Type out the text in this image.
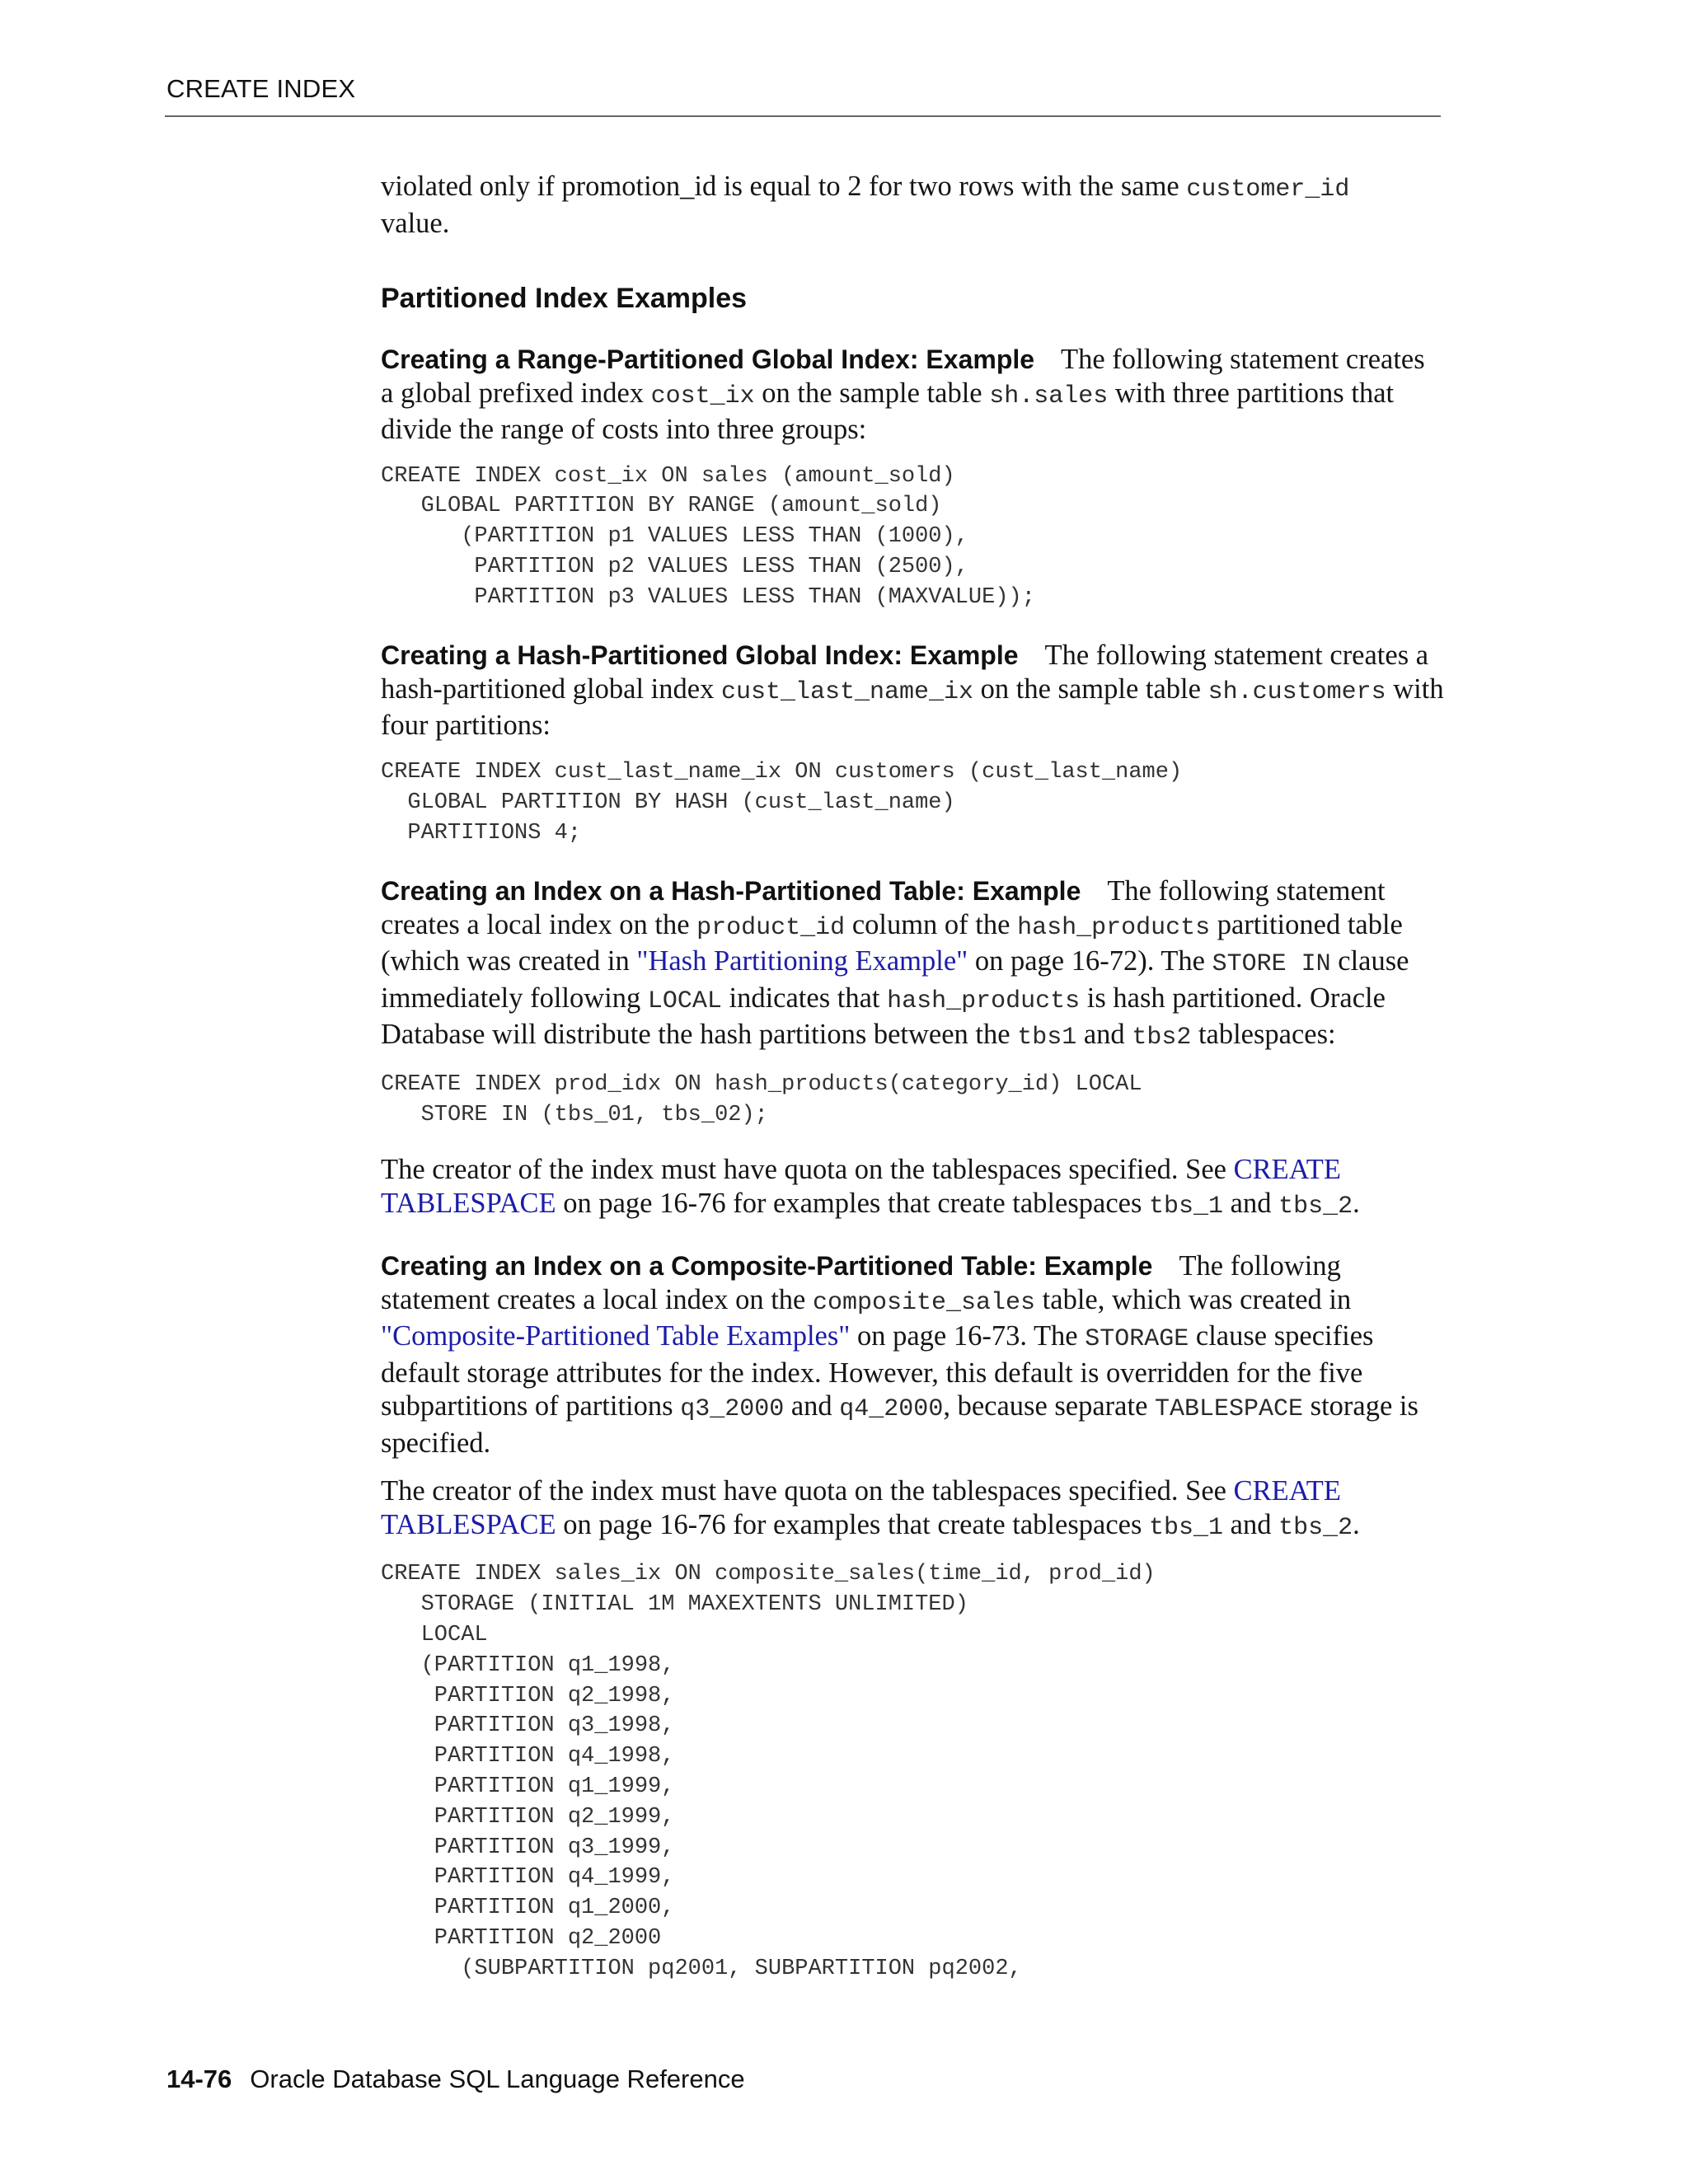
CREATE INDEX

violated only if promotion_id is equal to 2 for two rows with the same customer_id
value.

Partitioned Index Examples

Creating a Range-Partitioned Global Index: Example The following statement creates a global prefixed index cost_ix on the sample table sh.sales with three partitions that divide the range of costs into three groups:

CREATE INDEX cost_ix ON sales (amount_sold)
GLOBAL PARTITION BY RANGE (amount_sold)
(PARTITION p1 VALUES LESS THAN (1000),
PARTITION p2 VALUES LESS THAN (2500),
PARTITION p3 VALUES LESS THAN (MAXVALUE));

Creating a Hash-Partitioned Global Index: Example The following statement creates a hash-partitioned global index cust_last_name_ix on the sample table sh.customers with four partitions:

CREATE INDEX cust_last_name_ix ON customers (cust_last_name)
GLOBAL PARTITION BY HASH (cust_last_name)
PARTITIONS 4;

Creating an Index on a Hash-Partitioned Table: Example The following statement creates a local index on the product_id column of the hash_products partitioned table (which was created in "Hash Partitioning Example" on page 16-72). The STORE IN clause immediately following LOCAL indicates that hash_products is hash partitioned. Oracle Database will distribute the hash partitions between the tbs1 and tbs2 tablespaces:

CREATE INDEX prod_idx ON hash_products(category_id) LOCAL
STORE IN (tbs_01, tbs_02);

The creator of the index must have quota on the tablespaces specified. See CREATE TABLESPACE on page 16-76 for examples that create tablespaces tbs_1 and tbs_2.

Creating an Index on a Composite-Partitioned Table: Example The following statement creates a local index on the composite_sales table, which was created in "Composite-Partitioned Table Examples" on page 16-73. The STORAGE clause specifies default storage attributes for the index. However, this default is overridden for the five subpartitions of partitions q3_2000 and q4_2000, because separate TABLESPACE storage is specified.

The creator of the index must have quota on the tablespaces specified. See CREATE TABLESPACE on page 16-76 for examples that create tablespaces tbs_1 and tbs_2.

CREATE INDEX sales_ix ON composite_sales(time_id, prod_id)
STORAGE (INITIAL 1M MAXEXTENTS UNLIMITED)
LOCAL
(PARTITION q1_1998,
PARTITION q2_1998,
PARTITION q3_1998,
PARTITION q4_1998,
PARTITION q1_1999,
PARTITION q2_1999,
PARTITION q3_1999,
PARTITION q4_1999,
PARTITION q1_2000,
PARTITION q2_2000
(SUBPARTITION pq2001, SUBPARTITION pq2002,
14-76 Oracle Database SQL Language Reference
